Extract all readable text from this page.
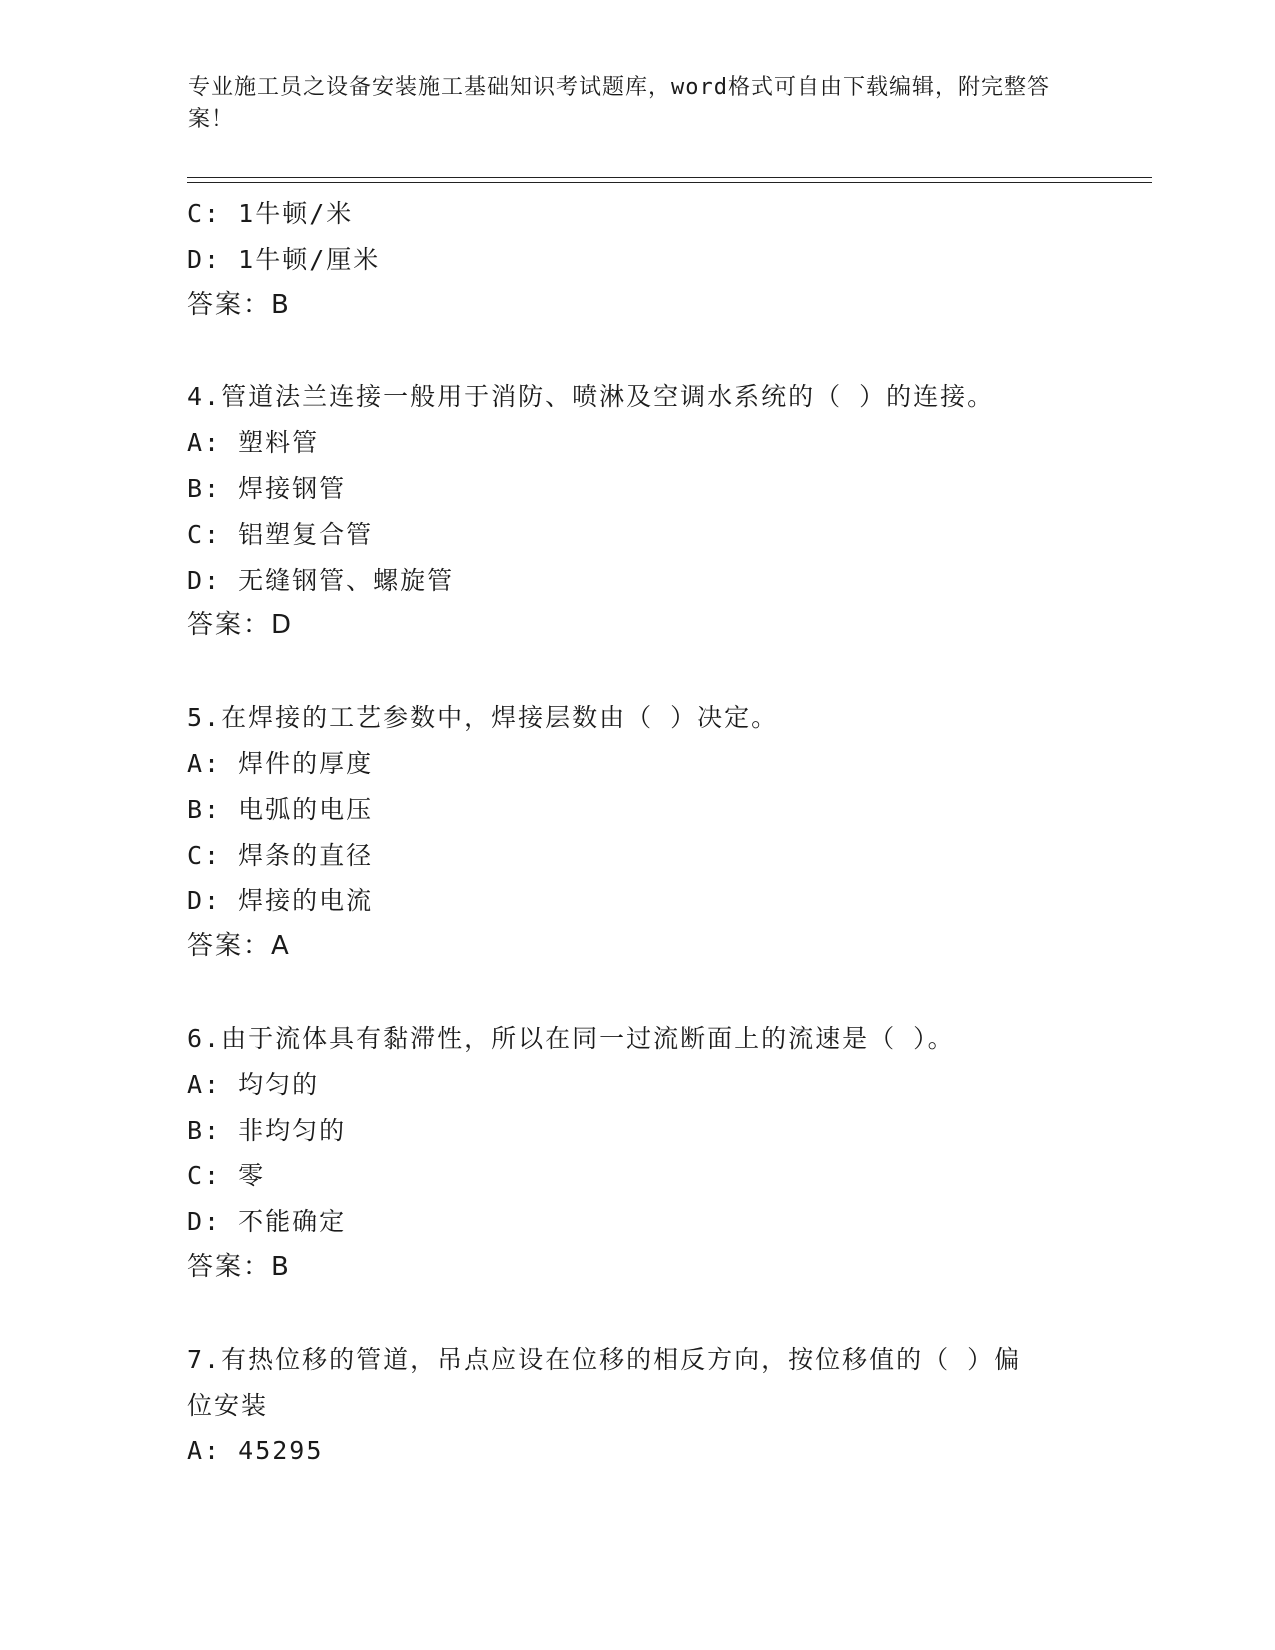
专业施工员之设备安装施工基础知识考试题库，word格式可自由下载编辑，附完整答案！
C: 1牛顿/米
D: 1牛顿/厘米
答案：B
4.管道法兰连接一般用于消防、喷淋及空调水系统的（ ）的连接。
A: 塑料管
B: 焊接钢管
C: 铝塑复合管
D: 无缝钢管、螺旋管
答案：D
5.在焊接的工艺参数中，焊接层数由（ ）决定。
A: 焊件的厚度
B: 电弧的电压
C: 焊条的直径
D: 焊接的电流
答案：A
6.由于流体具有黏滞性，所以在同一过流断面上的流速是（ ）。
A: 均匀的
B: 非均匀的
C: 零
D: 不能确定
答案：B
7.有热位移的管道，吊点应设在位移的相反方向，按位移值的（ ）偏
位安装
A: 45295
